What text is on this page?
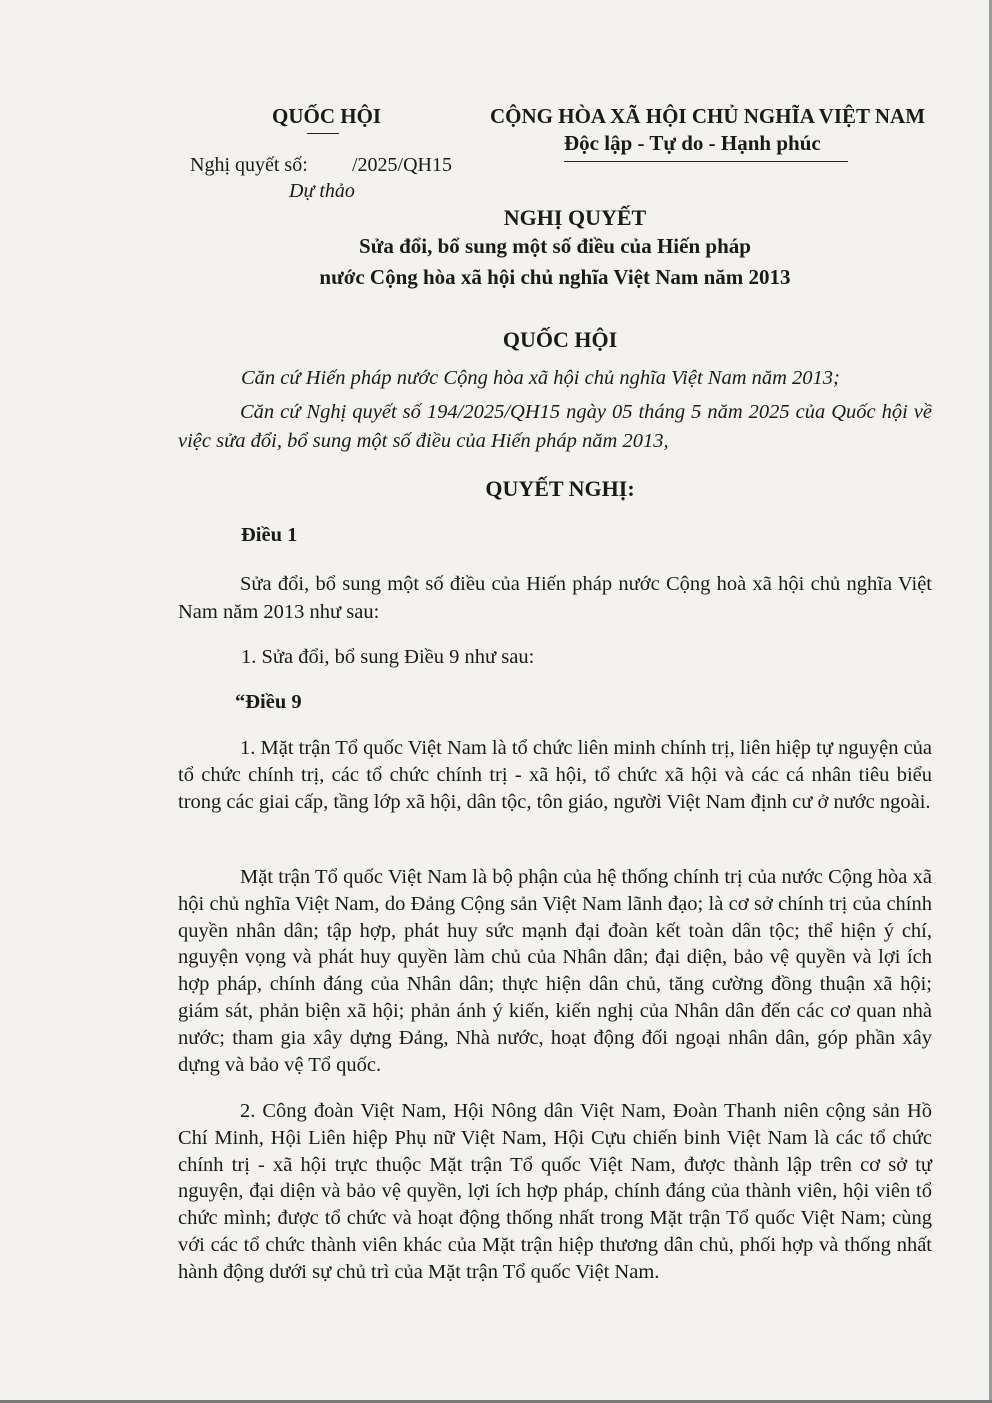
QUỐC HỘI
Nghị quyết số: /2025/QH15
Dự thảo
CỘNG HÒA XÃ HỘI CHỦ NGHĨA VIỆT NAM
Độc lập - Tự do - Hạnh phúc
NGHỊ QUYẾT
Sửa đổi, bổ sung một số điều của Hiến pháp
nước Cộng hòa xã hội chủ nghĩa Việt Nam năm 2013
QUỐC HỘI
Căn cứ Hiến pháp nước Cộng hòa xã hội chủ nghĩa Việt Nam năm 2013;
Căn cứ Nghị quyết số 194/2025/QH15 ngày 05 tháng 5 năm 2025 của Quốc hội về việc sửa đổi, bổ sung một số điều của Hiến pháp năm 2013,
QUYẾT NGHỊ:
Điều 1
Sửa đổi, bổ sung một số điều của Hiến pháp nước Cộng hoà xã hội chủ nghĩa Việt Nam năm 2013 như sau:
1. Sửa đổi, bổ sung Điều 9 như sau:
“Điều 9
1. Mặt trận Tổ quốc Việt Nam là tổ chức liên minh chính trị, liên hiệp tự nguyện của tổ chức chính trị, các tổ chức chính trị - xã hội, tổ chức xã hội và các cá nhân tiêu biểu trong các giai cấp, tầng lớp xã hội, dân tộc, tôn giáo, người Việt Nam định cư ở nước ngoài.
Mặt trận Tổ quốc Việt Nam là bộ phận của hệ thống chính trị của nước Cộng hòa xã hội chủ nghĩa Việt Nam, do Đảng Cộng sản Việt Nam lãnh đạo; là cơ sở chính trị của chính quyền nhân dân; tập hợp, phát huy sức mạnh đại đoàn kết toàn dân tộc; thể hiện ý chí, nguyện vọng và phát huy quyền làm chủ của Nhân dân; đại diện, bảo vệ quyền và lợi ích hợp pháp, chính đáng của Nhân dân; thực hiện dân chủ, tăng cường đồng thuận xã hội; giám sát, phản biện xã hội; phản ánh ý kiến, kiến nghị của Nhân dân đến các cơ quan nhà nước; tham gia xây dựng Đảng, Nhà nước, hoạt động đối ngoại nhân dân, góp phần xây dựng và bảo vệ Tổ quốc.
2. Công đoàn Việt Nam, Hội Nông dân Việt Nam, Đoàn Thanh niên cộng sản Hồ Chí Minh, Hội Liên hiệp Phụ nữ Việt Nam, Hội Cựu chiến binh Việt Nam là các tổ chức chính trị - xã hội trực thuộc Mặt trận Tổ quốc Việt Nam, được thành lập trên cơ sở tự nguyện, đại diện và bảo vệ quyền, lợi ích hợp pháp, chính đáng của thành viên, hội viên tổ chức mình; được tổ chức và hoạt động thống nhất trong Mặt trận Tổ quốc Việt Nam; cùng với các tổ chức thành viên khác của Mặt trận hiệp thương dân chủ, phối hợp và thống nhất hành động dưới sự chủ trì của Mặt trận Tổ quốc Việt Nam.
